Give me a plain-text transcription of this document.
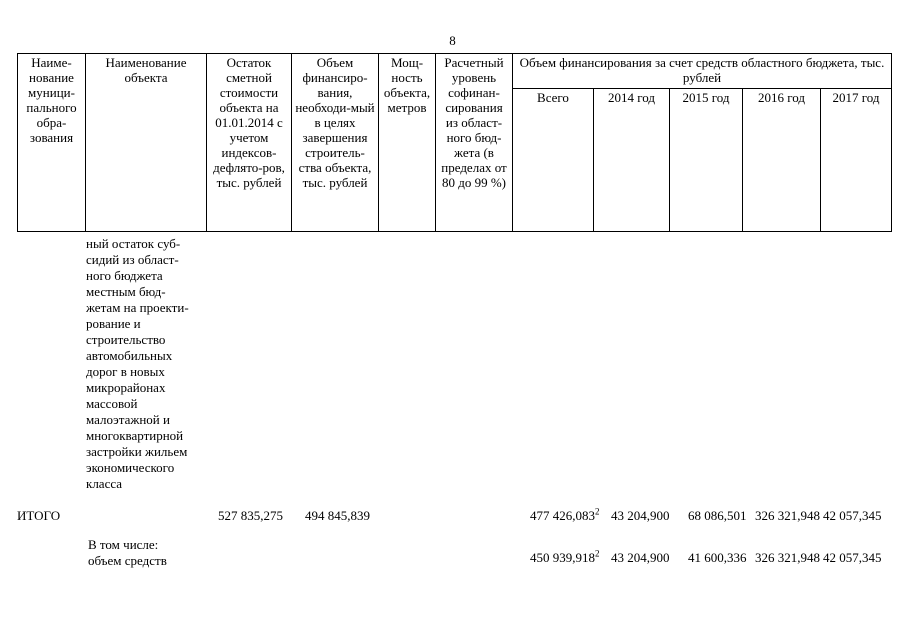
8
Наиме-нование муници-пального обра-зования	Наименование объекта	Остаток сметной стоимости объекта на 01.01.2014 с учетом индексов-дефлято-ров, тыс. рублей	Объем финансиро-вания, необходи-мый в целях завершения строитель-ства объекта, тыс. рублей	Мощ-ность объекта, метров	Расчетный уровень софинан-сирования из област-ного бюд-жета (в пределах от 80 до 99 %)	Объем финансирования за счет средств областного бюджета, тыс. рублей				
						Всего	2014 год	2015 год	2016 год	2017 год
ный остаток суб-
сидий из област-
ного бюджета
местным бюд-
жетам на проекти-
рование и
строительство
автомобильных
дорог в новых
микрорайонах
массовой
малоэтажной и
многоквартирной
застройки жильем
экономического
класса
ИТОГО	527 835,275 494 845,839	477 426,083$^2$ 43 204,900 68 086,501 326 321,948 42 057,345
В том числе:
объем средств	450 939,918$^2$ 43 204,900 41 600,336 326 321,948 42 057,345
